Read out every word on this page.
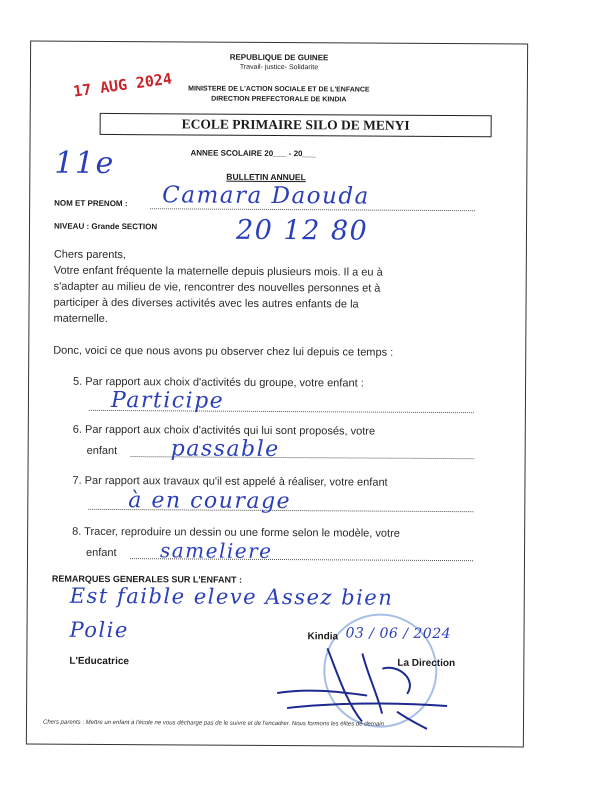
REPUBLIQUE DE GUINEE
Travail- justice- Solidarite
MINISTERE DE L'ACTION SOCIALE ET DE L'ENFANCE
DIRECTION PREFECTORALE DE KINDIA
17 AUG 2024
ECOLE PRIMAIRE SILO DE MENYI
11e	ANNEE SCOLAIRE 20___ - 20___
BULLETIN ANNUEL
NOM ET PRENOM : Camara Daouda
NIVEAU : Grande SECTION	20 12 80
Chers parents,
Votre enfant fréquente la maternelle depuis plusieurs mois. Il a eu à
s'adapter au milieu de vie, rencontrer des nouvelles personnes et à
participer à des diverses activités avec les autres enfants de la
maternelle.
Donc, voici ce que nous avons pu observer chez lui depuis ce temps :
5. Par rapport aux choix d'activités du groupe, votre enfant :
Participe
6. Par rapport aux choix d'activités qui lui sont proposés, votre
enfant passable
7. Par rapport aux travaux qu'il est appelé à réaliser, votre enfant
à en courage
8. Tracer, reproduire un dessin ou une forme selon le modèle, votre
enfant sameliere
REMARQUES GENERALES SUR L'ENFANT :
Est faible eleve Assez bien
Polie	Kindia 03 / 06 / 2024
L'Educatrice	La Direction
Chers parents : Mettre un enfant à l'école ne vous décharge pas de le suivre et de l'encadrer. Nous formons les élites de demain
